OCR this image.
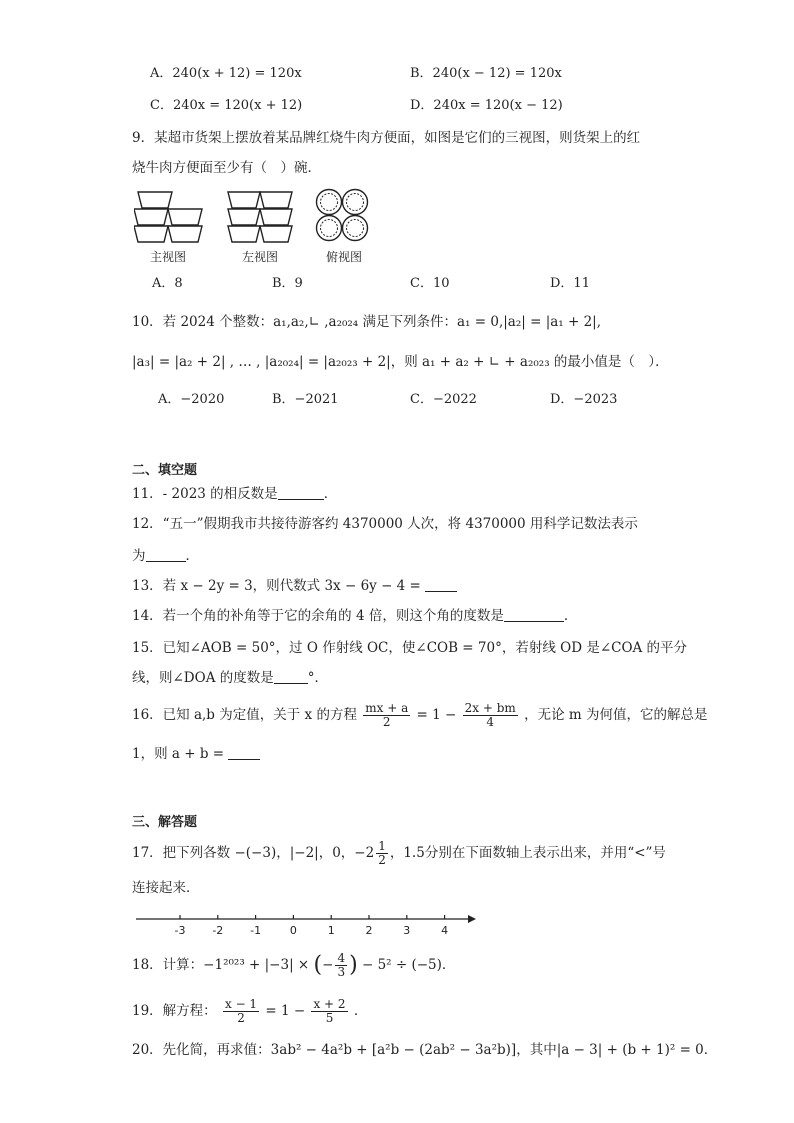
A．240(x + 12) = 120x	B．240(x − 12) = 120x
C．240x = 120(x + 12)	D．240x = 120(x − 12)
9．某超市货架上摆放着某品牌红烧牛肉方便面，如图是它们的三视图，则货架上的红
烧牛肉方便面至少有（　）碗．
主视图	左视图	俯视图
A．8	B．9	C．10	D．11
10．若 2024 个整数：a₁,a₂,∟ ,a₂₀₂₄ 满足下列条件：a₁ = 0,|a₂| = |a₁ + 2|,
|a₃| = |a₂ + 2| , … , |a₂₀₂₄| = |a₂₀₂₃ + 2|，则 a₁ + a₂ + ∟ + a₂₀₂₃ 的最小值是（　）．
A．−2020	B．−2021	C．−2022	D．−2023
二、填空题
11．- 2023 的相反数是	．
12．“五一”假期我市共接待游客约 4370000 人次，将 4370000 用科学记数法表示
为	．
13．若 x − 2y = 3，则代数式 3x − 6y − 4 =
14．若一个角的补角等于它的余角的 4 倍，则这个角的度数是	．
15．已知∠AOB = 50°，过 O 作射线 OC，使∠COB = 70°，若射线 OD 是∠COA 的平分
线，则∠DOA 的度数是	°．
16．已知 a,b 为定值，关于 x 的方程 $\frac{mx + a}{2} = 1 - \frac{2x + bm}{4}$ ，无论 m 为何值，它的解总是
1，则 a + b =
三、解答题
17．把下列各数 −(−3)，|−2|，0，$-2 \frac{1}{2}$ ，1.5分别在下面数轴上表示出来，并用“<”号
连接起来．
-3 -2 -1	0	1	2	3	4
18．计算：−1²⁰²³ + |−3| × (− $\frac{4}{3}$ ) − 5² ÷ (−5)．
19．解方程： $\frac{x - 1}{2} = 1 - \frac{x + 2}{5}$ ．
20．先化简，再求值：3ab² − 4a²b + [a²b − (2ab² − 3a²b)]，其中|a − 3| + (b + 1)² = 0．
